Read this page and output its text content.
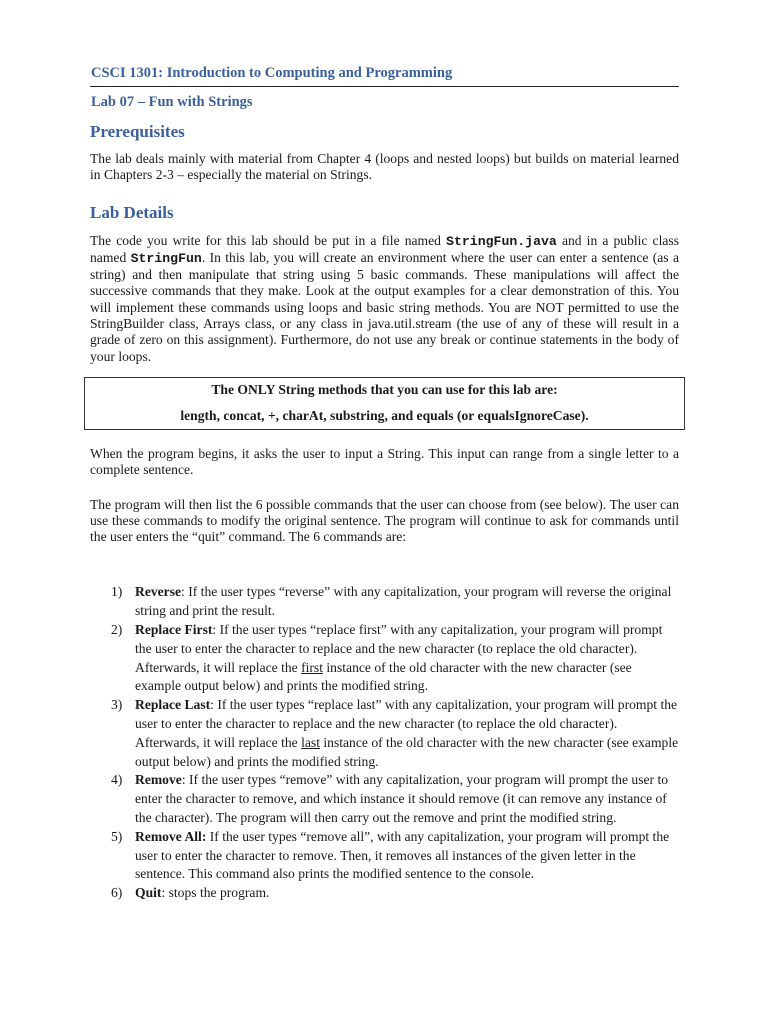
CSCI 1301: Introduction to Computing and Programming
Lab 07 – Fun with Strings
Prerequisites

The lab deals mainly with material from Chapter 4 (loops and nested loops) but builds on material learned in Chapters 2-3 – especially the material on Strings.

Lab Details

The code you write for this lab should be put in a file named StringFun.java and in a public class named StringFun. In this lab, you will create an environment where the user can enter a sentence (as a string) and then manipulate that string using 5 basic commands. These manipulations will affect the successive commands that they make. Look at the output examples for a clear demonstration of this. You will implement these commands using loops and basic string methods. You are NOT permitted to use the StringBuilder class, Arrays class, or any class in java.util.stream (the use of any of these will result in a grade of zero on this assignment). Furthermore, do not use any break or continue statements in the body of your loops.

The ONLY String methods that you can use for this lab are:
length, concat, +, charAt, substring, and equals (or equalsIgnoreCase).

When the program begins, it asks the user to input a String. This input can range from a single letter to a complete sentence.

The program will then list the 6 possible commands that the user can choose from (see below). The user can use these commands to modify the original sentence. The program will continue to ask for commands until the user enters the “quit” command. The 6 commands are:

1) Reverse: If the user types “reverse” with any capitalization, your program will reverse the original string and print the result.
2) Replace First: If the user types “replace first” with any capitalization, your program will prompt the user to enter the character to replace and the new character (to replace the old character). Afterwards, it will replace the first instance of the old character with the new character (see example output below) and prints the modified string.
3) Replace Last: If the user types “replace last” with any capitalization, your program will prompt the user to enter the character to replace and the new character (to replace the old character). Afterwards, it will replace the last instance of the old character with the new character (see example output below) and prints the modified string.
4) Remove: If the user types “remove” with any capitalization, your program will prompt the user to enter the character to remove, and which instance it should remove (it can remove any instance of the character). The program will then carry out the remove and print the modified string.
5) Remove All: If the user types “remove all”, with any capitalization, your program will prompt the user to enter the character to remove. Then, it removes all instances of the given letter in the sentence. This command also prints the modified sentence to the console.
6) Quit: stops the program.
